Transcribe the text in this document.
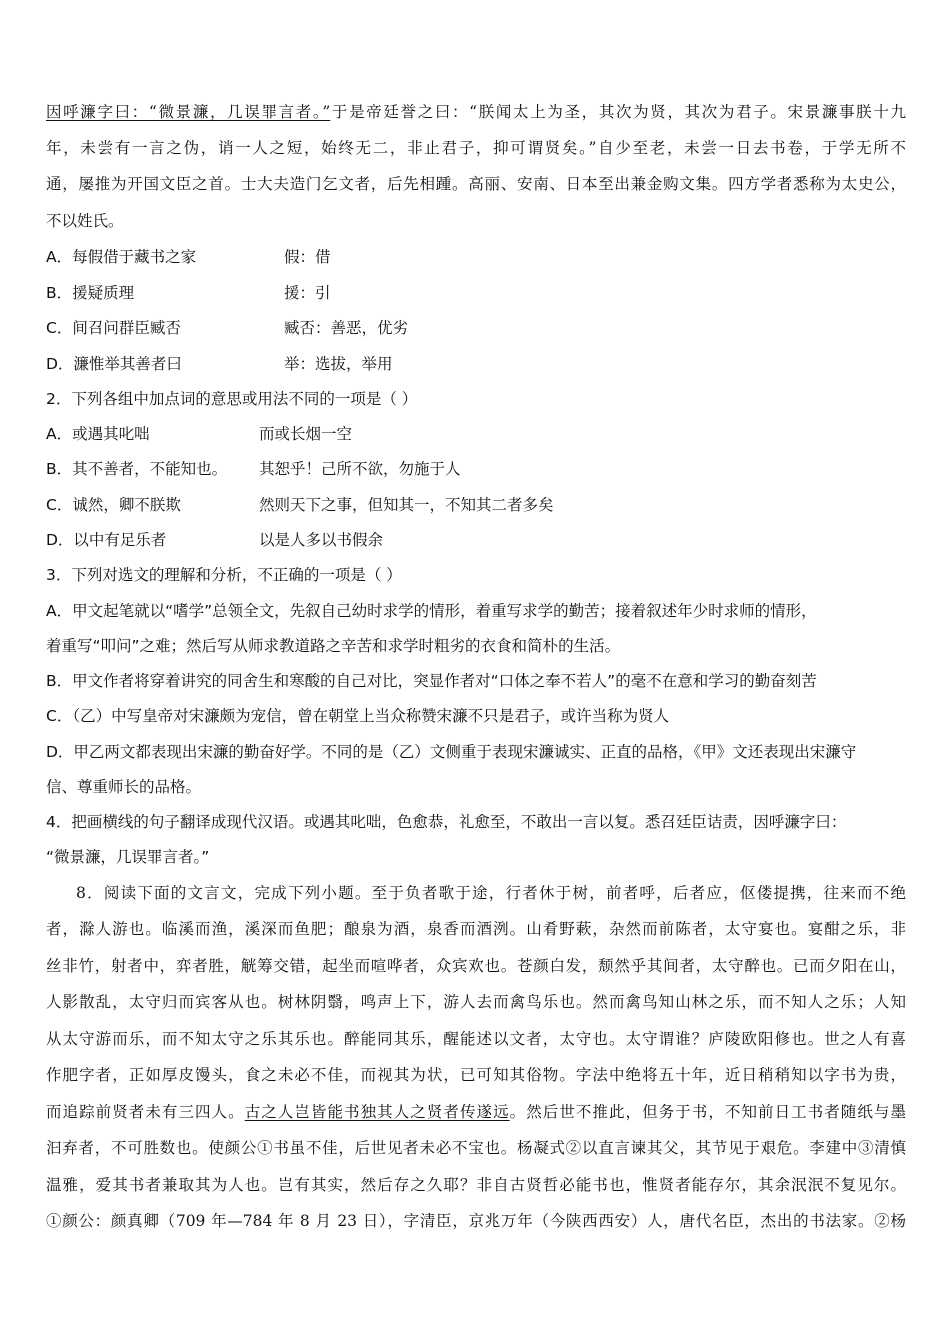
因呼濂字曰：“微景濂，几误罪言者。”于是帝廷誉之曰：“朕闻太上为圣，其次为贤，其次为君子。宋景濂事朕十九
年，未尝有一言之伪，诮一人之短，始终无二，非止君子，抑可谓贤矣。”自少至老，未尝一日去书卷，于学无所不
通，屡推为开国文臣之首。士大夫造门乞文者，后先相踵。高丽、安南、日本至出兼金购文集。四方学者悉称为太史公，
不以姓氏。
A．每假借于藏书之家	假：借
B．援疑质理	援：引
C．间召问群臣臧否	臧否：善恶，优劣
D．濂惟举其善者曰	举：选拔，举用
2．下列各组中加点词的意思或用法不同的一项是（ ）
A．或遇其叱咄	而或长烟一空
B．其不善者，不能知也。 其恕乎！己所不欲，勿施于人
C．诚然，卿不朕欺	然则天下之事，但知其一，不知其二者多矣
D．以中有足乐者	以是人多以书假余
3．下列对选文的理解和分析，不正确的一项是（ ）
A．甲文起笔就以“嗜学”总领全文，先叙自己幼时求学的情形，着重写求学的勤苦；接着叙述年少时求师的情形，
着重写“叩问”之难；然后写从师求教道路之辛苦和求学时粗劣的衣食和简朴的生活。
B．甲文作者将穿着讲究的同舍生和寒酸的自己对比，突显作者对“口体之奉不若人”的毫不在意和学习的勤奋刻苦
C．（乙）中写皇帝对宋濂颇为宠信，曾在朝堂上当众称赞宋濂不只是君子，或许当称为贤人
D．甲乙两文都表现出宋濂的勤奋好学。不同的是（乙）文侧重于表现宋濂诚实、正直的品格，《甲》文还表现出宋濂守
信、尊重师长的品格。
4．把画横线的句子翻译成现代汉语。或遇其叱咄，色愈恭，礼愈至，不敢出一言以复。悉召廷臣诘责，因呼濂字曰：
“微景濂，几误罪言者。”
8．阅读下面的文言文，完成下列小题。至于负者歌于途，行者休于树，前者呼，后者应，伛偻提携，往来而不绝
者，滁人游也。临溪而渔，溪深而鱼肥；酿泉为酒，泉香而酒洌。山肴野蔌，杂然而前陈者，太守宴也。宴酣之乐，非
丝非竹，射者中，弈者胜，觥筹交错，起坐而喧哗者，众宾欢也。苍颜白发，颓然乎其间者，太守醉也。已而夕阳在山，
人影散乱，太守归而宾客从也。树林阴翳，鸣声上下，游人去而禽鸟乐也。然而禽鸟知山林之乐，而不知人之乐；人知
从太守游而乐，而不知太守之乐其乐也。醉能同其乐，醒能述以文者，太守也。太守谓谁？庐陵欧阳修也。世之人有喜
作肥字者，正如厚皮馒头，食之未必不佳，而视其为状，已可知其俗物。字法中绝将五十年，近日稍稍知以字书为贵，
而追踪前贤者未有三四人。古之人岂皆能书独其人之贤者传遂远。然后世不推此，但务于书，不知前日工书者随纸与墨
汩弃者，不可胜数也。使颜公①书虽不佳，后世见者未必不宝也。杨凝式②以直言谏其父，其节见于艰危。李建中③清慎
温雅，爱其书者兼取其为人也。岂有其实，然后存之久耶？非自古贤哲必能书也，惟贤者能存尔，其余泯泯不复见尔。
①颜公：颜真卿（709 年—784 年 8 月 23 日），字清臣，京兆万年（今陕西西安）人，唐代名臣，杰出的书法家。②杨
